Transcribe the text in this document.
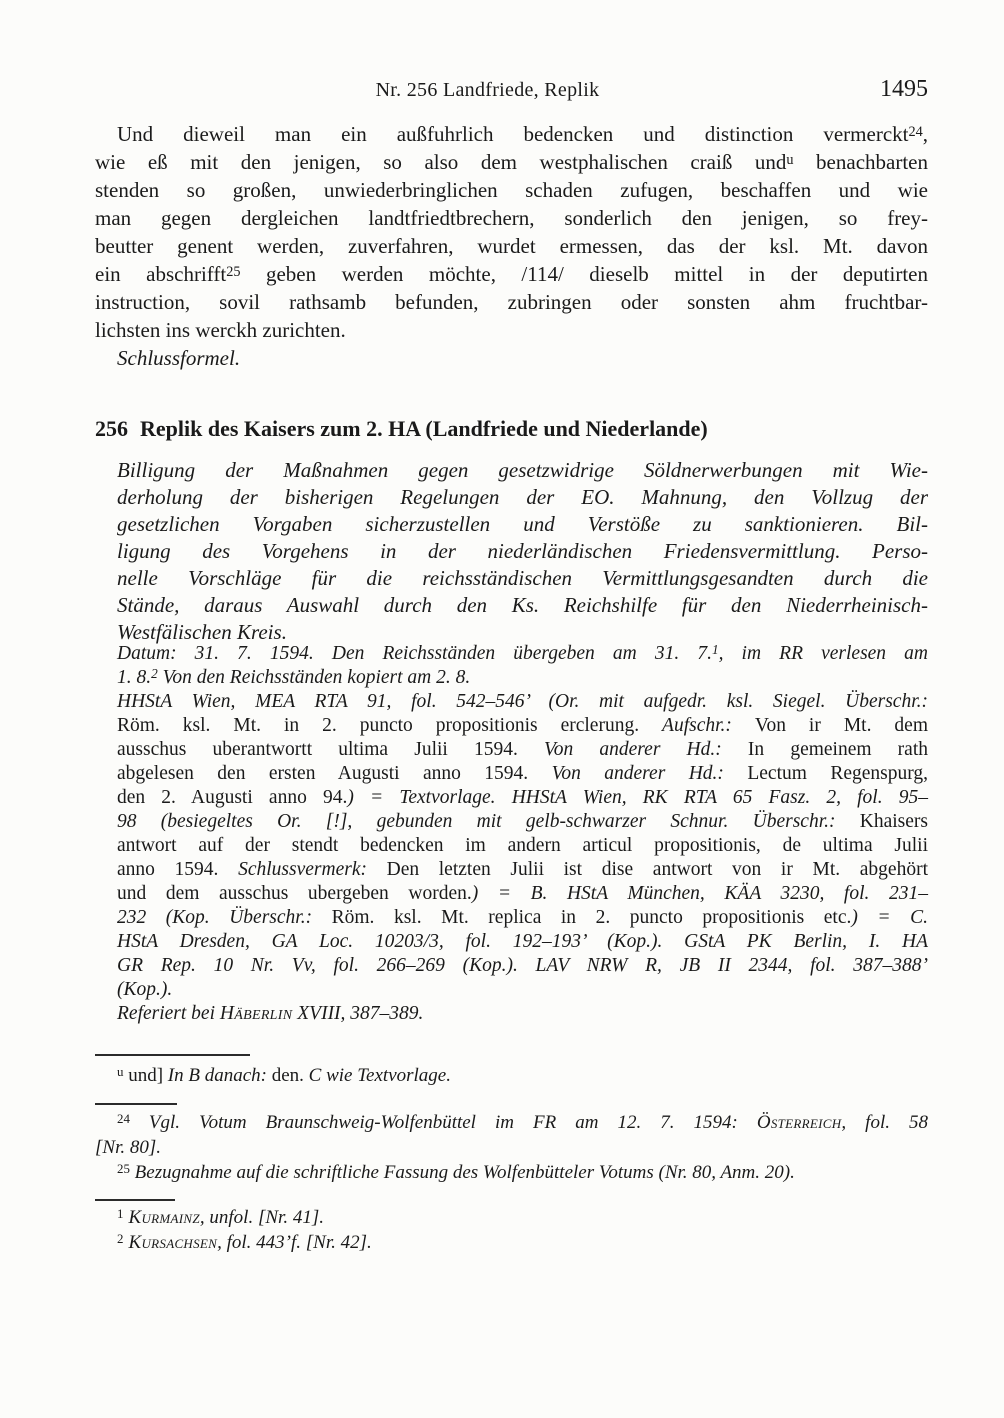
Nr. 256 Landfriede, Replik	1495
Und dieweil man ein außfuhrlich bedencken und distinction vermerckt$^{24}$,
wie eß mit den jenigen, so also dem westphalischen craiß und$^u$ benachbarten
stenden so großen, unwiederbringlichen schaden zufugen, beschaffen und wie
man gegen dergleichen landtfriedtbrechern, sonderlich den jenigen, so frey-
beutter genent werden, zuverfahren, wurdet ermessen, das der ksl. Mt. davon
ein abschrifft$^{25}$ geben werden möchte, /114/ dieselb mittel in der deputirten
instruction, sovil rathsamb befunden, zubringen oder sonsten ahm fruchtbar-
lichsten ins werckh zurichten.
Schlussformel.
256 Replik des Kaisers zum 2. HA (Landfriede und Niederlande)
Billigung der Maßnahmen gegen gesetzwidrige Söldnerwerbungen mit Wie-
derholung der bisherigen Regelungen der EO. Mahnung, den Vollzug der
gesetzlichen Vorgaben sicherzustellen und Verstöße zu sanktionieren. Bil-
ligung des Vorgehens in der niederländischen Friedensvermittlung. Perso-
nelle Vorschläge für die reichsständischen Vermittlungsgesandten durch die
Stände, daraus Auswahl durch den Ks. Reichshilfe für den Niederrheinisch-
Westfälischen Kreis.
Datum: 31. 7. 1594. Den Reichsständen übergeben am 31. 7.$^1$, im RR verlesen am
1. 8.$^2$ Von den Reichsständen kopiert am 2. 8.
HHStA Wien, MEA RTA 91, fol. 542–546’ (Or. mit aufgedr. ksl. Siegel. Überschr.:
Röm. ksl. Mt. in 2. puncto propositionis erclerung. Aufschr.: Von ir Mt. dem
ausschus uberantwortt ultima Julii 1594. Von anderer Hd.: In gemeinem rath
abgelesen den ersten Augusti anno 1594. Von anderer Hd.: Lectum Regenspurg,
den 2. Augusti anno 94.) = Textvorlage. HHStA Wien, RK RTA 65 Fasz. 2, fol. 95–
98 (besiegeltes Or. [!], gebunden mit gelb-schwarzer Schnur. Überschr.: Khaisers
antwort auf der stendt bedencken im andern articul propositionis, de ultima Julii
anno 1594. Schlussvermerk: Den letzten Julii ist dise antwort von ir Mt. abgehört
und dem ausschus ubergeben worden.) = B. HStA München, KÄA 3230, fol. 231–
232 (Kop. Überschr.: Röm. ksl. Mt. replica in 2. puncto propositionis etc.) = C.
HStA Dresden, GA Loc. 10203/3, fol. 192–193’ (Kop.). GStA PK Berlin, I. HA
GR Rep. 10 Nr. Vv, fol. 266–269 (Kop.). LAV NRW R, JB II 2344, fol. 387–388’
(Kop.).
Referiert bei Häberlin XVIII, 387–389.
$^u$ und] In B danach: den. C wie Textvorlage.
$^{24}$ Vgl. Votum Braunschweig-Wolfenbüttel im FR am 12. 7. 1594: Österreich, fol. 58
[Nr. 80].
$^{25}$ Bezugnahme auf die schriftliche Fassung des Wolfenbütteler Votums (Nr. 80, Anm. 20).
$^1$ Kurmainz, unfol. [Nr. 41].
$^2$ Kursachsen, fol. 443’f. [Nr. 42].
